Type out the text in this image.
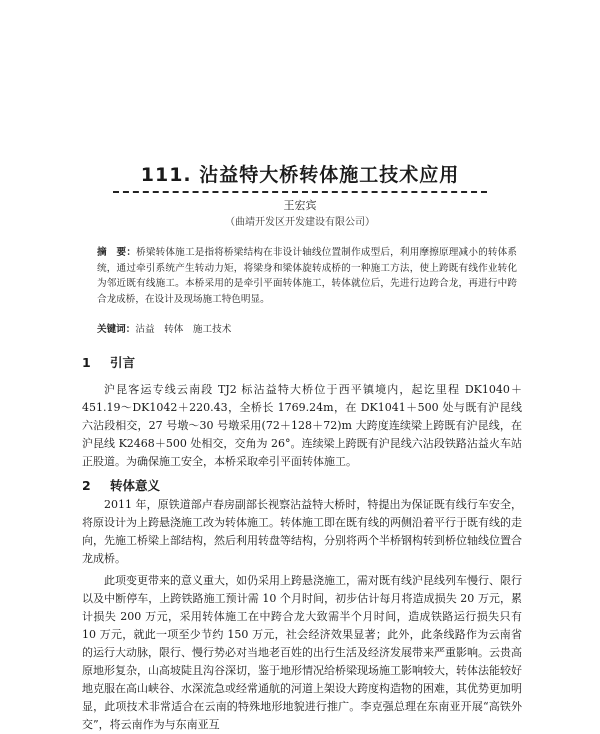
111. 沾益特大桥转体施工技术应用
王宏宾
（曲靖开发区开发建设有限公司）
摘　要：桥梁转体施工是指将桥梁结构在非设计轴线位置制作成型后，利用摩擦原理减小的转体系统，通过牵引系统产生转动力矩，将梁身和梁体旋转成桥的一种施工方法，使上跨既有线作业转化为邻近既有线施工。本桥采用的是牵引平面转体施工，转体就位后，先进行边跨合龙，再进行中跨合龙成桥，在设计及现场施工特色明显。
关键词：沾益　转体　施工技术
1 引言

沪昆客运专线云南段 TJ2 标沾益特大桥位于西平镇境内，起讫里程 DK1040＋451.19～DK1042＋220.43，全桥长 1769.24m，在 DK1041＋500 处与既有沪昆线六沾段相交，27 号墩～30 号墩采用(72＋128＋72)m 大跨度连续梁上跨既有沪昆线，在沪昆线 K2468＋500 处相交，交角为 26°。连续梁上跨既有沪昆线六沾段铁路沾益火车站正股道。为确保施工安全，本桥采取牵引平面转体施工。

2 转体意义

2011 年，原铁道部卢春房副部长视察沾益特大桥时，特提出为保证既有线行车安全，将原设计为上跨悬浇施工改为转体施工。转体施工即在既有线的两侧沿着平行于既有线的走向，先施工桥梁上部结构，然后利用转盘等结构，分别将两个半桥钢构转到桥位轴线位置合龙成桥。

此项变更带来的意义重大，如仍采用上跨悬浇施工，需对既有线沪昆线列车慢行、限行以及中断停车，上跨铁路施工预计需 10 个月时间，初步估计每月将造成损失 20 万元，累计损失 200 万元，采用转体施工在中跨合龙大致需半个月时间，造成铁路运行损失只有 10 万元，就此一项至少节约 150 万元，社会经济效果显著；此外，此条线路作为云南省的运行大动脉，限行、慢行势必对当地老百姓的出行生活及经济发展带来严重影响。云贵高原地形复杂，山高坡陡且沟谷深切，鉴于地形情况给桥梁现场施工影响较大，转体法能较好地克服在高山峡谷、水深流急或经常通航的河道上架设大跨度构造物的困难，其优势更加明显，此项技术非常适合在云南的特殊地形地貌进行推广。李克强总理在东南亚开展“高铁外交”，将云南作为与东南亚互
